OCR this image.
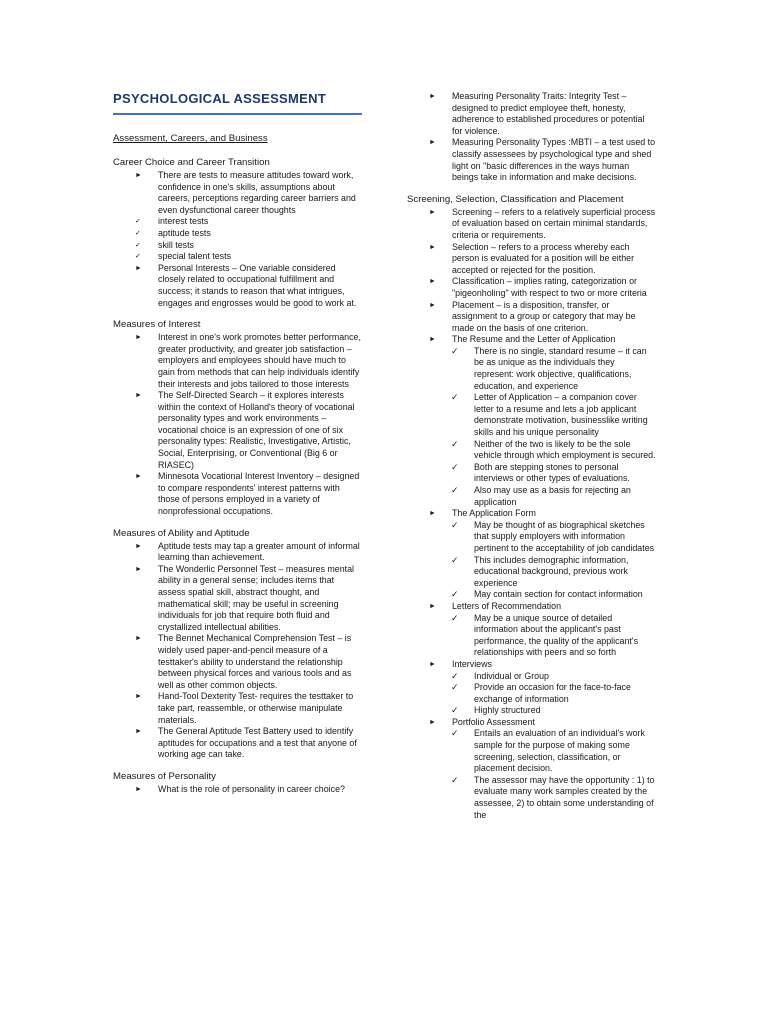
PSYCHOLOGICAL ASSESSMENT
Assessment, Careers, and Business
Career Choice and Career Transition
► There are tests to measure attitudes toward work, confidence in one's skills, assumptions about careers, perceptions regarding career barriers and even dysfunctional career thoughts
✓ interest tests
✓ aptitude tests
✓ skill tests
✓ special talent tests
► Personal Interests – One variable considered closely related to occupational fulfillment and success; it stands to reason that what intrigues, engages and engrosses would be good to work at.
Measures of Interest
► Interest in one's work promotes better performance, greater productivity, and greater job satisfaction – employers and employees should have much to gain from methods that can help individuals identify their interests and jobs tailored to those interests
► The Self-Directed Search – it explores interests within the context of Holland's theory of vocational personality types and work environments – vocational choice is an expression of one of six personality types: Realistic, Investigative, Artistic, Social, Enterprising, or Conventional (Big 6 or RIASEC)
► Minnesota Vocational Interest Inventory – designed to compare respondents' interest patterns with those of persons employed in a variety of nonprofessional occupations.
Measures of Ability and Aptitude
► Aptitude tests may tap a greater amount of informal learning than achievement.
► The Wonderlic Personnel Test – measures mental ability in a general sense; includes items that assess spatial skill, abstract thought, and mathematical skill; may be useful in screening individuals for job that require both fluid and crystallized intellectual abilities.
► The Bennet Mechanical Comprehension Test – is widely used paper-and-pencil measure of a testtaker's ability to understand the relationship between physical forces and various tools and as well as other common objects.
► Hand-Tool Dexterity Test- requires the testtaker to take part, reassemble, or otherwise manipulate materials.
► The General Aptitude Test Battery used to identify aptitudes for occupations and a test that anyone of working age can take.
Measures of Personality
► What is the role of personality in career choice?
► Measuring Personality Traits: Integrity Test – designed to predict employee theft, honesty, adherence to established procedures or potential for violence.
► Measuring Personality Types :MBTI – a test used to classify assessees by psychological type and shed light on "basic differences in the ways human beings take in information and make decisions.
Screening, Selection, Classification and Placement
► Screening – refers to a relatively superficial process of evaluation based on certain minimal standards, criteria or requirements.
► Selection – refers to a process whereby each person is evaluated for a position will be either accepted or rejected for the position.
► Classification – implies rating, categorization or "pigeonholing" with respect to two or more criteria
► Placement – is a disposition, transfer, or assignment to a group or category that may be made on the basis of one criterion.
► The Resume and the Letter of Application
✓ There is no single, standard resume – it can be as unique as the individuals they represent: work objective, qualifications, education, and experience
✓ Letter of Application – a companion cover letter to a resume and lets a job applicant demonstrate motivation, businesslike writing skills and his unique personality
✓ Neither of the two is likely to be the sole vehicle through which employment is secured.
✓ Both are stepping stones to personal interviews or other types of evaluations.
✓ Also may use as a basis for rejecting an application
► The Application Form
✓ May be thought of as biographical sketches that supply employers with information pertinent to the acceptability of job candidates
✓ This includes demographic information, educational background, previous work experience
✓ May contain section for contact information
► Letters of Recommendation
✓ May be a unique source of detailed information about the applicant's past performance, the quality of the applicant's relationships with peers and so forth
► Interviews
✓ Individual or Group
✓ Provide an occasion for the face-to-face exchange of information
✓ Highly structured
► Portfolio Assessment
✓ Entails an evaluation of an individual's work sample for the purpose of making some screening, selection, classification, or placement decision.
✓ The assessor may have the opportunity : 1) to evaluate many work samples created by the assessee, 2) to obtain some understanding of the
